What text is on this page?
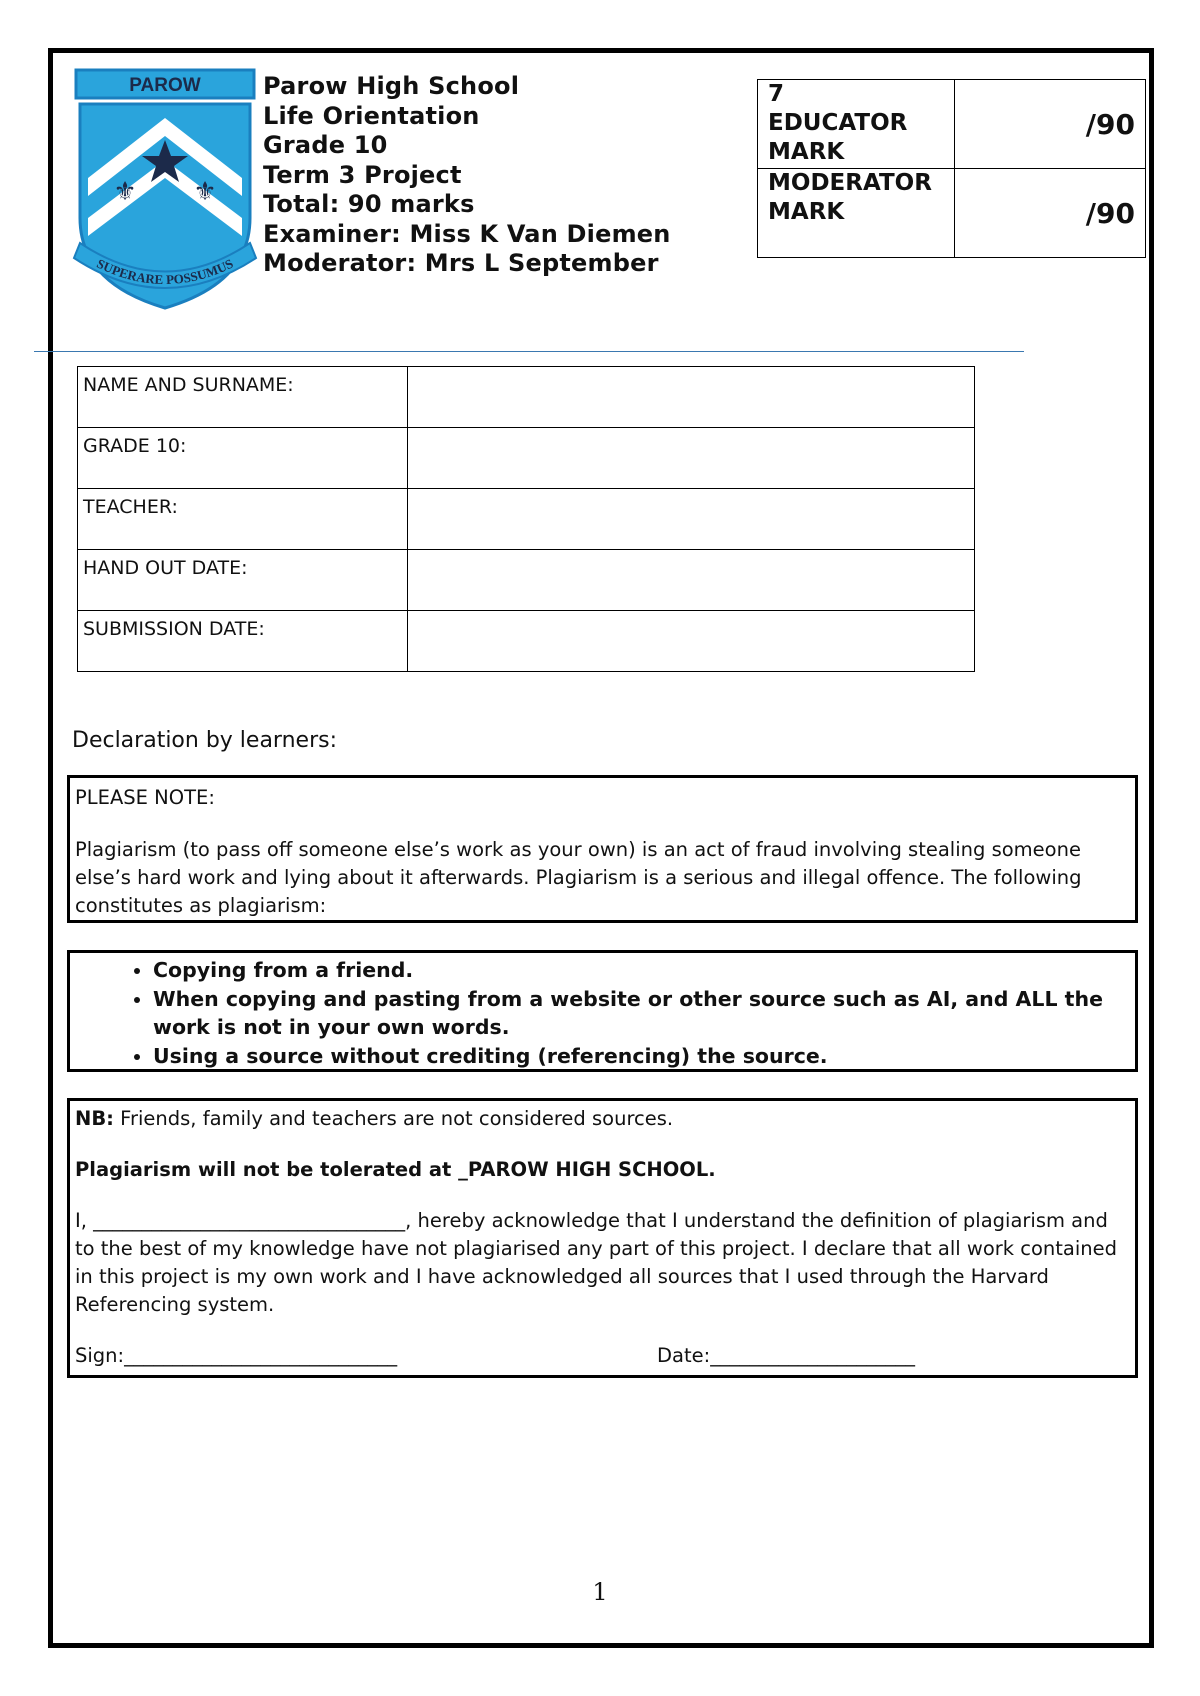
PAROW
⚜ ⚜
SUPERARE POSSUMUS
Parow High School
Life Orientation
Grade 10
Term 3 Project
Total: 90 marks
Examiner: Miss K Van Diemen
Moderator: Mrs L September
7
EDUCATOR
MARK	/90

MODERATOR
MARK	/90
NAME AND SURNAME:	
GRADE 10:	
TEACHER:	
HAND OUT DATE:	
SUBMISSION DATE:	
Declaration by learners:

PLEASE NOTE:

Plagiarism (to pass off someone else’s work as your own) is an act of fraud involving stealing someone else’s hard work and lying about it afterwards. Plagiarism is a serious and illegal offence. The following constitutes as plagiarism:

• Copying from a friend.
• When copying and pasting from a website or other source such as AI, and ALL the work is not in your own words.
• Using a source without crediting (referencing) the source.

NB: Friends, family and teachers are not considered sources.

Plagiarism will not be tolerated at _PAROW HIGH SCHOOL.

I, ________________________________, hereby acknowledge that I understand the definition of plagiarism and to the best of my knowledge have not plagiarised any part of this project. I declare that all work contained in this project is my own work and I have acknowledged all sources that I used through the Harvard Referencing system.

Sign:____________________________	Date:_____________________
1
